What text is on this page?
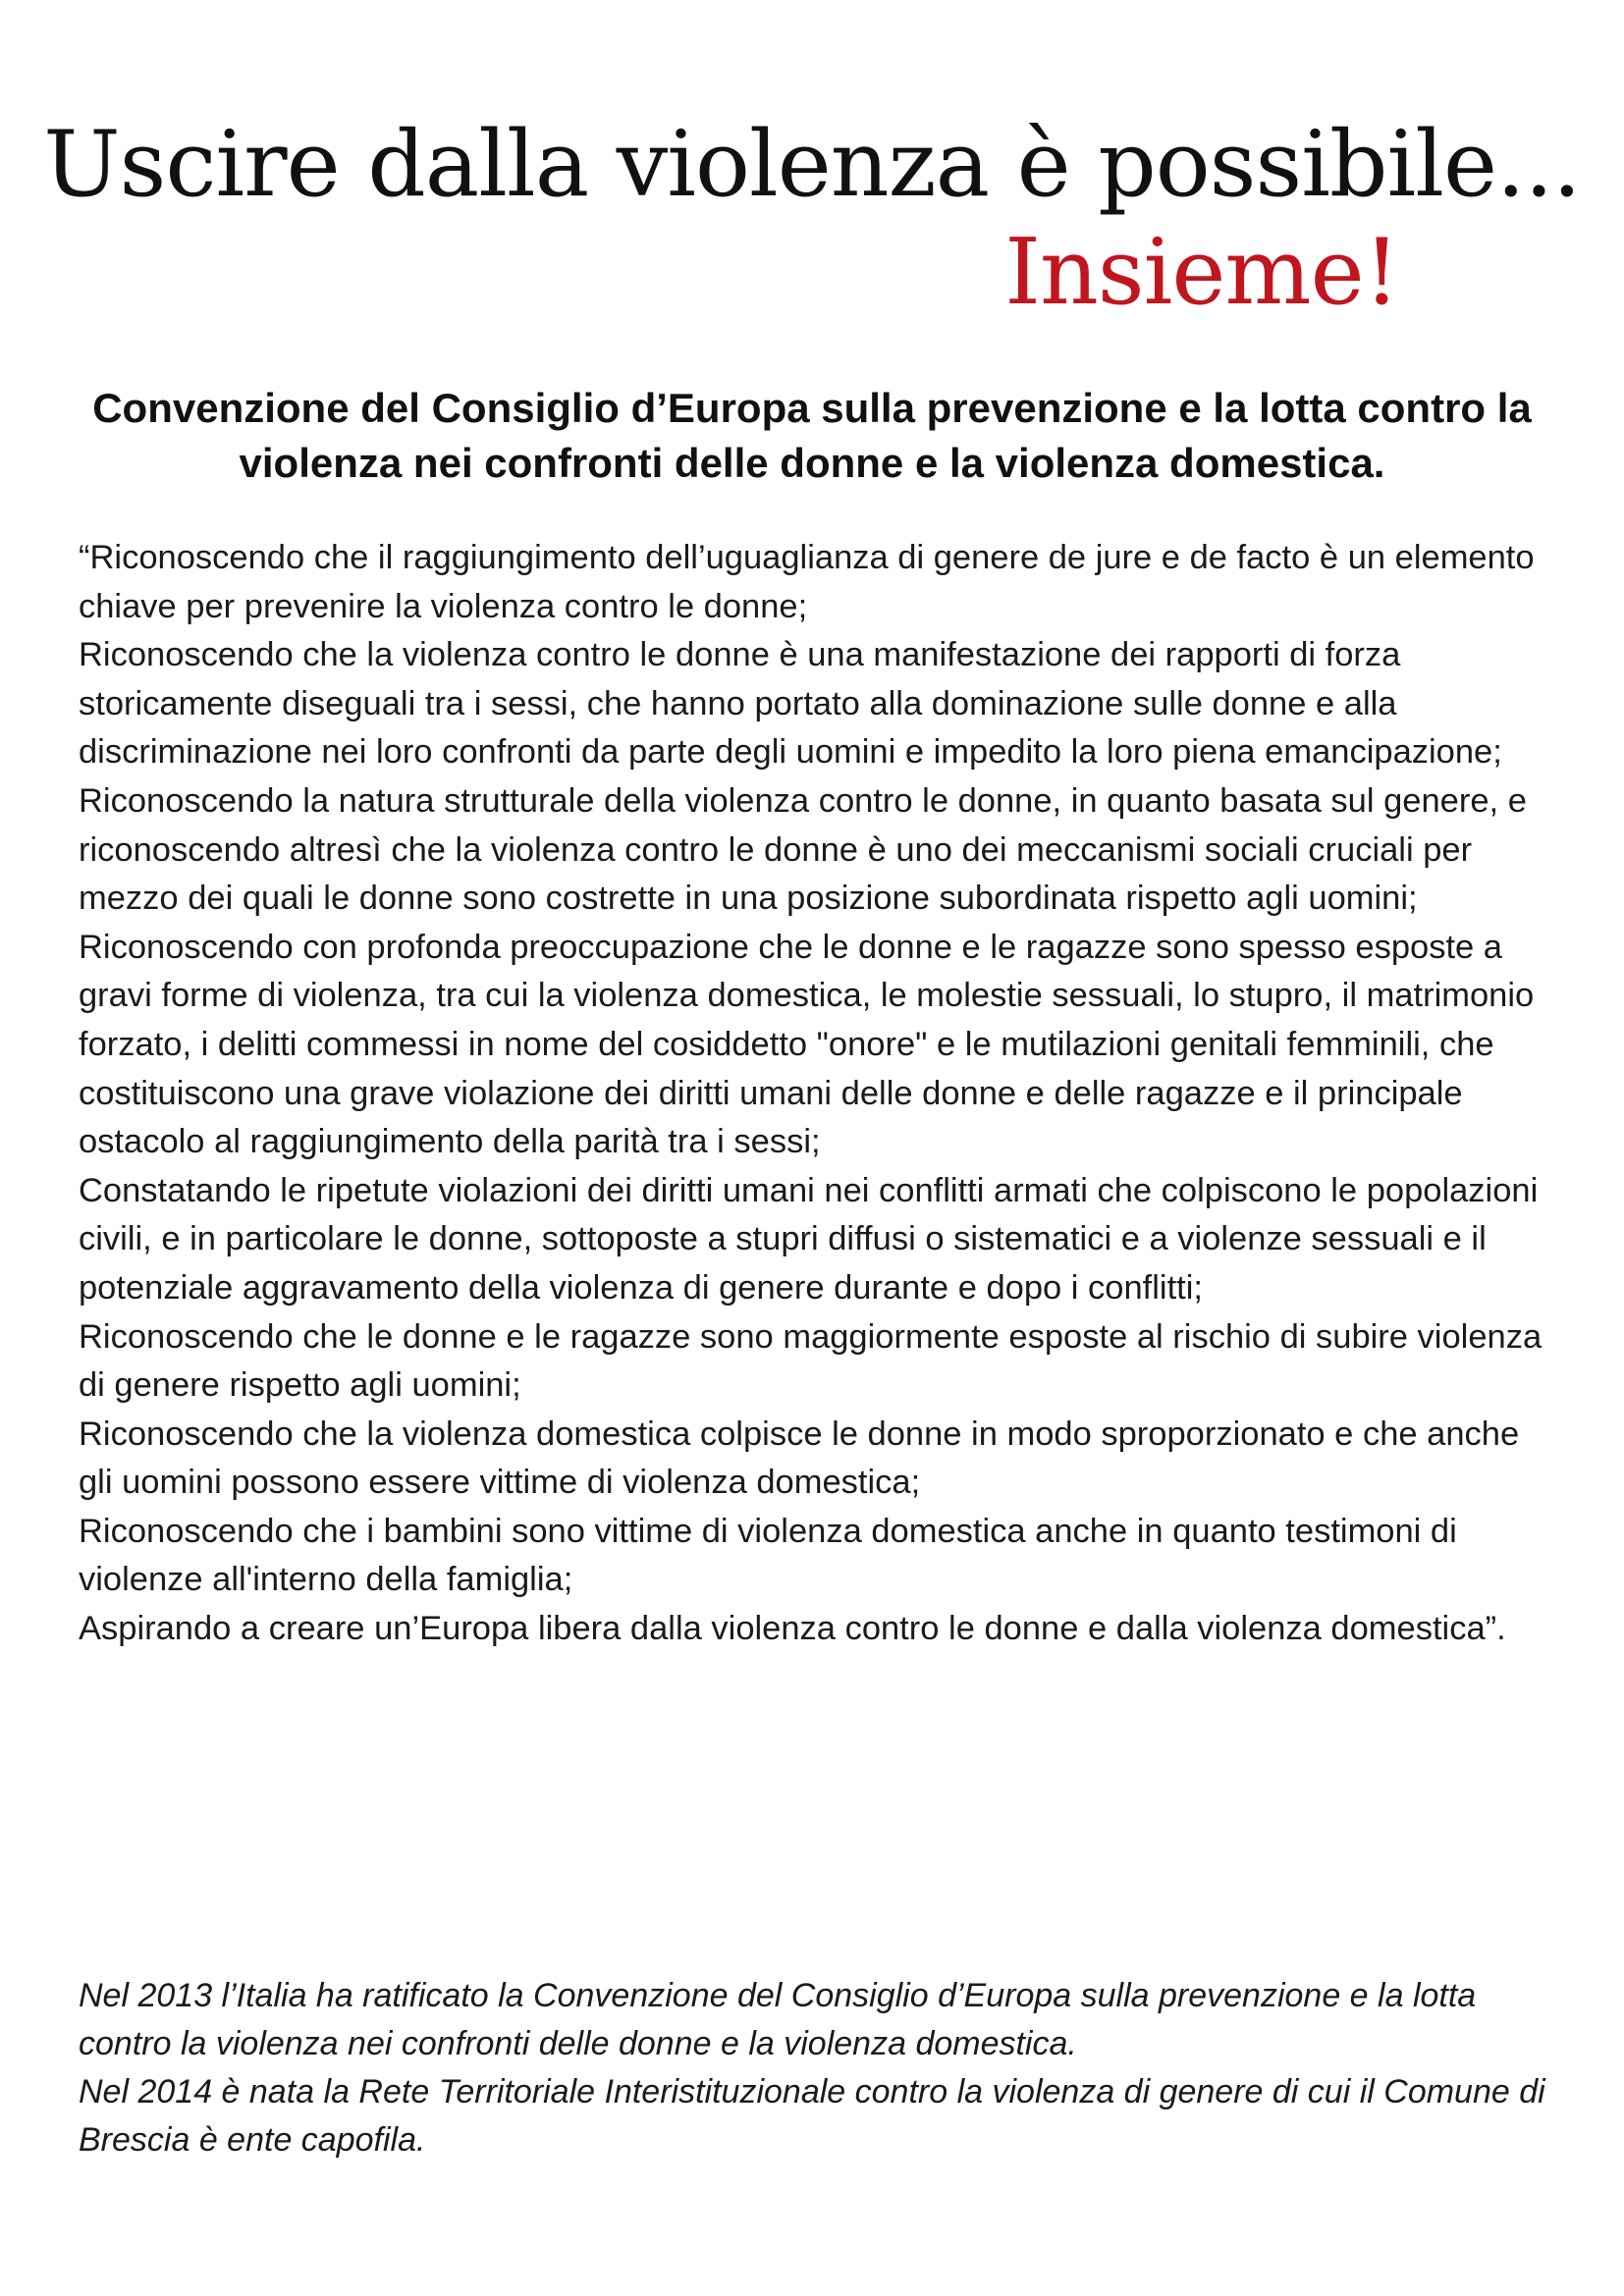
Uscire dalla violenza è possibile...
Insieme!
Convenzione del Consiglio d’Europa sulla prevenzione e la lotta contro la violenza nei confronti delle donne e la violenza domestica.

“Riconoscendo che il raggiungimento dell’uguaglianza di genere de jure e de facto è un elemento chiave per prevenire la violenza contro le donne;

Riconoscendo che la violenza contro le donne è una manifestazione dei rapporti di forza storicamente diseguali tra i sessi, che hanno portato alla dominazione sulle donne e alla discriminazione nei loro confronti da parte degli uomini e impedito la loro piena emancipazione;

Riconoscendo la natura strutturale della violenza contro le donne, in quanto basata sul genere, e riconoscendo altresì che la violenza contro le donne è uno dei meccanismi sociali cruciali per mezzo dei quali le donne sono costrette in una posizione subordinata rispetto agli uomini;

Riconoscendo con profonda preoccupazione che le donne e le ragazze sono spesso esposte a gravi forme di violenza, tra cui la violenza domestica, le molestie sessuali, lo stupro, il matrimonio forzato, i delitti commessi in nome del cosiddetto "onore" e le mutilazioni genitali femminili, che costituiscono una grave violazione dei diritti umani delle donne e delle ragazze e il principale ostacolo al raggiungimento della parità tra i sessi;

Constatando le ripetute violazioni dei diritti umani nei conflitti armati che colpiscono le popolazioni civili, e in particolare le donne, sottoposte a stupri diffusi o sistematici e a violenze sessuali e il potenziale aggravamento della violenza di genere durante e dopo i conflitti;

Riconoscendo che le donne e le ragazze sono maggiormente esposte al rischio di subire violenza di genere rispetto agli uomini;

Riconoscendo che la violenza domestica colpisce le donne in modo sproporzionato e che anche gli uomini possono essere vittime di violenza domestica;

Riconoscendo che i bambini sono vittime di violenza domestica anche in quanto testimoni di violenze all'interno della famiglia;

Aspirando a creare un’Europa libera dalla violenza contro le donne e dalla violenza domestica”.

Nel 2013 l’Italia ha ratificato la Convenzione del Consiglio d’Europa sulla prevenzione e la lotta contro la violenza nei confronti delle donne e la violenza domestica.

Nel 2014 è nata la Rete Territoriale Interistituzionale contro la violenza di genere di cui il Comune di Brescia è ente capofila.
